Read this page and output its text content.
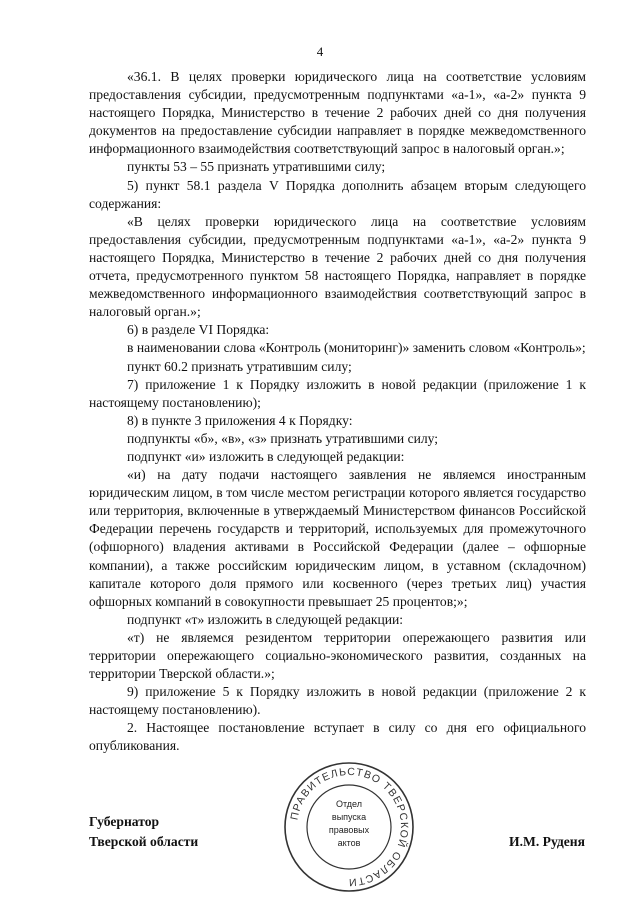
4

«36.1. В целях проверки юридического лица на соответствие условиям предоставления субсидии, предусмотренным подпунктами «а-1», «а-2» пункта 9 настоящего Порядка, Министерство в течение 2 рабочих дней со дня получения документов на предоставление субсидии направляет в порядке межведомственного информационного взаимодействия соответствующий запрос в налоговый орган.»;

пункты 53 – 55 признать утратившими силу;

5) пункт 58.1 раздела V Порядка дополнить абзацем вторым следующего содержания:

«В целях проверки юридического лица на соответствие условиям предоставления субсидии, предусмотренным подпунктами «а-1», «а-2» пункта 9 настоящего Порядка, Министерство в течение 2 рабочих дней со дня получения отчета, предусмотренного пунктом 58 настоящего Порядка, направляет в порядке межведомственного информационного взаимодействия соответствующий запрос в налоговый орган.»;

6) в разделе VI Порядка:

в наименовании слова «Контроль (мониторинг)» заменить словом «Контроль»;

пункт 60.2 признать утратившим силу;

7) приложение 1 к Порядку изложить в новой редакции (приложение 1 к настоящему постановлению);

8) в пункте 3 приложения 4 к Порядку:

подпункты «б», «в», «з» признать утратившими силу;

подпункт «и» изложить в следующей редакции:

«и) на дату подачи настоящего заявления не являемся иностранным юридическим лицом, в том числе местом регистрации которого является государство или территория, включенные в утверждаемый Министерством финансов Российской Федерации перечень государств и территорий, используемых для промежуточного (офшорного) владения активами в Российской Федерации (далее – офшорные компании), а также российским юридическим лицом, в уставном (складочном) капитале которого доля прямого или косвенного (через третьих лиц) участия офшорных компаний в совокупности превышает 25 процентов;»;

подпункт «т» изложить в следующей редакции:

«т) не являемся резидентом территории опережающего развития или территории опережающего социально-экономического развития, созданных на территории Тверской области.»;

9) приложение 5 к Порядку изложить в новой редакции (приложение 2 к настоящему постановлению).

2. Настоящее постановление вступает в силу со дня его официального опубликования.

Губернатор
Тверской области
ПРАВИТЕЛЬСТВО ТВЕРСКОЙ ОБЛАСТИ
Отдел
выпуска
правовых
актов	И.М. Руденя
